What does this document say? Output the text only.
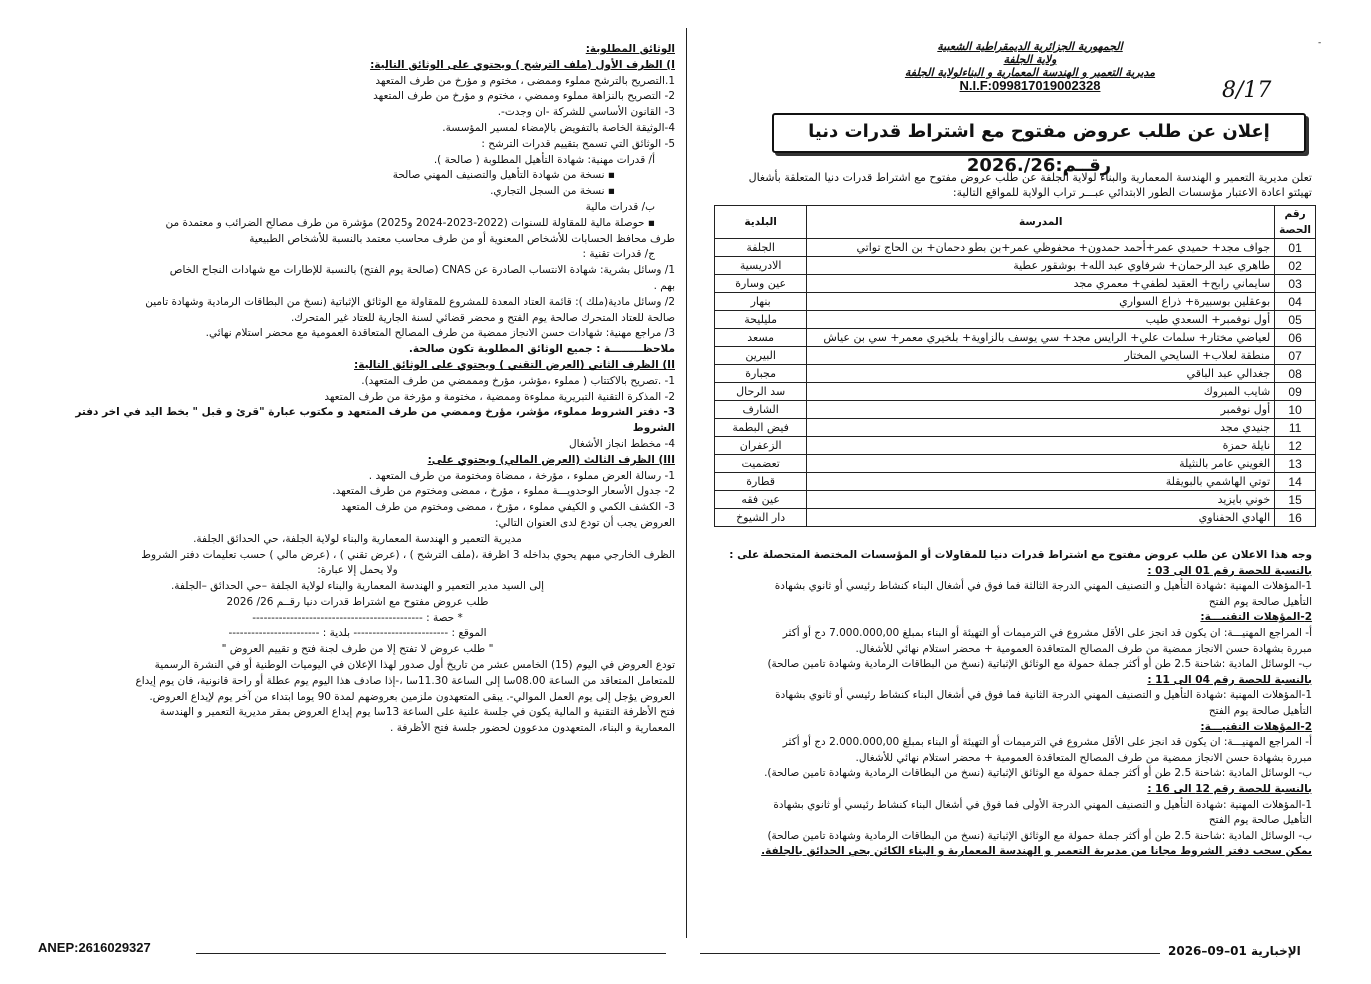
الجمهورية الجزائرية الديمقراطية الشعبية
ولاية الجلفة
مديرية التعمير و الهندسة المعمارية و البناءلولاية الجلفة
N.I.F:099817019002328	8/17
-
إعلان عن طلب عروض مفتوح مع اشتراط قدرات دنيا رقــم:26/.2026
تعلن مديرية التعمير و الهندسة المعمارية والبناء لولاية الجلفة عن طلب عروض مفتوح مع اشتراط قدرات دنيا المتعلقة بأشغال
تهيئتو اعادة الاعتبار مؤسسات الطور الابتدائي عبـــر تراب الولاية للمواقع التالية:
رقم الحصة	المدرسة	البلدية
01	جواف مجد+ حميدي عمر+أحمد حمدون+ محفوظي عمر+بن بطو دحمان+ بن الحاج تواتي	الجلفة
02	طاهري عبد الرحمان+ شرفاوي عبد الله+ بوشقور عطية	الادريسية
03	سايماني رابح+ العقيد لطفي+ معمري مجد	عين وسارة
04	بوعقلين بوسبيرة+ ذراع السواري	بنهار
05	أول نوفمبر+ السعدي طيب	مليليحة
06	لعياضي مختار+ سلمات علي+ الرايس مجد+ سي يوسف بالزاوية+ بلخيري معمر+ سي بن عياش	مسعد
07	منطقة لعلاب+ السايحي المختار	البيرين
08	جغدالي عبد الباقي	مجبارة
09	شايب المبروك	سد الرحال
10	أول نوفمبر	الشارف
11	جنيدي مجد	فيض البطمة
12	نايلة حمزة	الزعفران
13	الغويني عامر بالنثيلة	تعضميت
14	توتي الهاشمي بالبويقلة	قطارة
15	خوني بايزيد	عين فقه
16	الهادي الحفناوي	دار الشيوخ
وجه هذا الاعلان عن طلب عروض مفتوح مع اشتراط قدرات دنيا للمقاولات أو المؤسسات المختصة المتحصلة على :
بالنسبة للحصة رقم 01 الى 03 :
1-المؤهلات المهنية :شهادة التأهيل و التصنيف المهني الدرجة الثالثة فما فوق في أشغال البناء كنشاط رئيسي أو ثانوي بشهادة
التأهيل صالحة يوم الفتح
2-المؤهلات التقنيـــة:
أ- المراجع المهنيـــة: ان يكون قد انجز على الأقل مشروع في الترميمات أو التهيئة أو البناء بمبلغ 7.000.000,00 دج أو أكثر
مبررة بشهادة حسن الانجاز ممضية من طرف المصالح المتعاقدة العمومية + محضر استلام نهائي للأشغال.
ب- الوسائل المادية :شاحنة 2.5 طن أو أكثر جملة حمولة مع الوثائق الإثباتية (نسخ من البطاقات الرمادية وشهادة تامين صالحة)
بالنسبة للحصة رقم 04 الى 11 :
1-المؤهلات المهنية :شهادة التأهيل و التصنيف المهني الدرجة الثانية فما فوق في أشغال البناء كنشاط رئيسي أو ثانوي بشهادة
التأهيل صالحة يوم الفتح
2-المؤهلات التقنيـــة:
أ- المراجع المهنيـــة: ان يكون قد انجز على الأقل مشروع في الترميمات أو التهيئة أو البناء بمبلغ 2.000.000,00 دج أو أكثر
مبررة بشهادة حسن الانجاز ممضية من طرف المصالح المتعاقدة العمومية + محضر استلام نهائي للأشغال.
ب- الوسائل المادية :شاحنة 2.5 طن أو أكثر جملة حمولة مع الوثائق الإثباتية (نسخ من البطاقات الرمادية وشهادة تامين صالحة).
بالنسبة للحصة رقم 12 الى 16 :
1-المؤهلات المهنية :شهادة التأهيل و التصنيف المهني الدرجة الأولى فما فوق في أشغال البناء كنشاط رئيسي أو ثانوي بشهادة
التأهيل صالحة يوم الفتح
ب- الوسائل المادية :شاحنة 2.5 طن أو أكثر جملة حمولة مع الوثائق الإثباتية (نسخ من البطاقات الرمادية وشهادة تامين صالحة)
يمكن سحب دفتر الشروط مجانا من مديرية التعمير و الهندسة المعمارية و البناء الكائن بحي الحدائق بالجلفة.
الوثائق المطلوبة:
I) الظرف الأول (ملف الترشح ) ويحتوي على الوثائق التالية:
1.التصريح بالترشح مملوء وممضى ، مختوم و مؤرخ من طرف المتعهد
2- التصريح بالنزاهة مملوء وممضي ، مختوم و مؤرخ من طرف المتعهد
3- القانون الأساسي للشركة -ان وجدت-.
4-الوثيقة الخاصة بالتفويض بالإمضاء لمسير المؤسسة.
5- الوثائق التي تسمح بتقييم قدرات الترشح :
أ/ قدرات مهنية: شهادة التأهيل المطلوبة ( صالحة ).
▪ نسخة من شهادة التأهيل والتصنيف المهني صالحة
▪ نسخة من السجل التجاري.
ب/ قدرات مالية
▪ حوصلة مالية للمقاولة للسنوات (2022-2023-2024 و2025) مؤشرة من طرف مصالح الضرائب و معتمدة من
طرف محافظ الحسابات للأشخاص المعنوية أو من طرف محاسب معتمد بالنسبة للأشخاص الطبيعية
ج/ قدرات تقنية :
1/ وسائل بشرية: شهادة الانتساب الصادرة عن CNAS (صالحة يوم الفتح) بالنسبة للإطارات مع شهادات النجاح الخاص
بهم .
2/ وسائل مادية(ملك ): قائمة العتاد المعدة للمشروع للمقاولة مع الوثائق الإثباتية (نسخ من البطاقات الرمادية وشهادة تامين
صالحة للعتاد المتحرك صالحة يوم الفتح و محضر قضائي لسنة الجارية للعتاد غير المتحرك.
3/ مراجع مهنية: شهادات حسن الانجاز ممضية من طرف المصالح المتعاقدة العمومية مع محضر استلام نهائي.
ملاحظـــــــــة : جميع الوثائق المطلوبة تكون صالحة.
II) الظرف الثاني (العرض التقني ) ويحتوي على الوثائق التالية:
1- .تصريح بالاكتتاب ( مملوء ،مؤشر، مؤرخ ومممضي من طرف المتعهد).
2- المذكرة التقنية التبريرية مملوءة وممضية ، مختومة و مؤرخة من طرف المتعهد
3- دفتر الشروط مملوء، مؤشر، مؤرخ وممضي من طرف المتعهد و مكتوب عبارة "قرئ و قبل " بخط اليد في اخر دفتر الشروط
4- مخطط انجاز الأشغال
III) الظرف الثالث (العرض المالي) ويحتوي على:
1- رسالة العرض مملوء ، مؤرخة ، ممضاة ومختومة من طرف المتعهد .
2- جدول الأسعار الوحدويـــة مملوء ، مؤرخ ، ممضى ومختوم من طرف المتعهد.
3- الكشف الكمي و الكيفي مملوء ، مؤرخ ، ممضى ومختوم من طرف المتعهد
العروض يجب أن تودع لدى العنوان التالي:
مديرية التعمير و الهندسة المعمارية والبناء لولاية الجلفة، حي الحدائق الجلفة.
الظرف الخارجي مبهم يحوي بداخله 3 اظرفة ،(ملف الترشح ) ، (عرض تقني ) ، (عرض مالي ) حسب تعليمات دفتر الشروط
ولا يحمل إلا عبارة:
إلى السيد مدير التعمير و الهندسة المعمارية والبناء لولاية الجلفة –حي الحدائق –الجلفة.
طلب عروض مفتوح مع اشتراط قدرات دنيا رقــم 26/ 2026
* حصة : ---------------------------------------------
الموقع : ------------------------- بلدية : ------------------------
" طلب عروض لا تفتح إلا من طرف لجنة فتح و تقييم العروض "
تودع العروض في اليوم (15) الخامس عشر من تاريخ أول صدور لهذا الإعلان في اليوميات الوطنية أو في النشرة الرسمية
للمتعامل المتعاقد من الساعة 08.00سا إلى الساعة 11.30سا ،-إذا صادف هذا اليوم يوم عطلة أو راحة قانونية، فان يوم إيداع
العروض يؤجل إلى يوم العمل الموالي-. يبقى المتعهدون ملزمين بعروضهم لمدة 90 يوما ابتداء من آخر يوم لإيداع العروض.
فتح الأظرفة التقنية و المالية يكون في جلسة علنية على الساعة 13سا يوم إيداع العروض بمقر مديرية التعمير و الهندسة
المعمارية و البناء، المتعهدون مدعوون لحضور جلسة فتح الأظرفة .
ANEP:2616029327	الإخبارية 01–09–2026
